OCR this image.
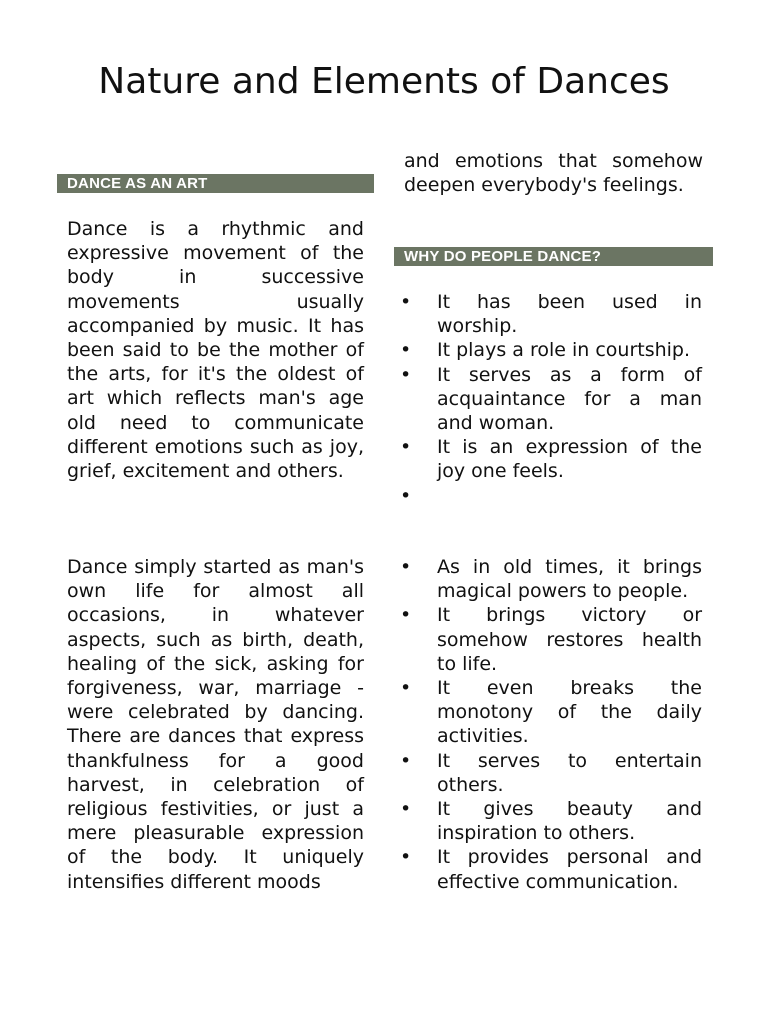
Nature and Elements of Dances
DANCE AS AN ART

Dance is a rhythmic and expressive movement of the body in successive movements usually accompanied by music. It has been said to be the mother of the arts, for it's the oldest of art which reflects man's age old need to communicate different emotions such as joy, grief, excitement and others.

Dance simply started as man's own life for almost all occasions, in whatever aspects, such as birth, death, healing of the sick, asking for forgiveness, war, marriage - were celebrated by dancing. There are dances that express thankfulness for a good harvest, in celebration of religious festivities, or just a mere pleasurable expression of the body. It uniquely intensifies different moods

and emotions that somehow deepen everybody's feelings.

WHY DO PEOPLE DANCE?
• It has been used in worship.
• It plays a role in courtship.
• It serves as a form of acquaintance for a man and woman.
• It is an expression of the joy one feels.
•
• As in old times, it brings magical powers to people.
• It brings victory or somehow restores health to life.
• It even breaks the monotony of the daily activities.
• It serves to entertain others.
• It gives beauty and inspiration to others.
• It provides personal and effective communication.
